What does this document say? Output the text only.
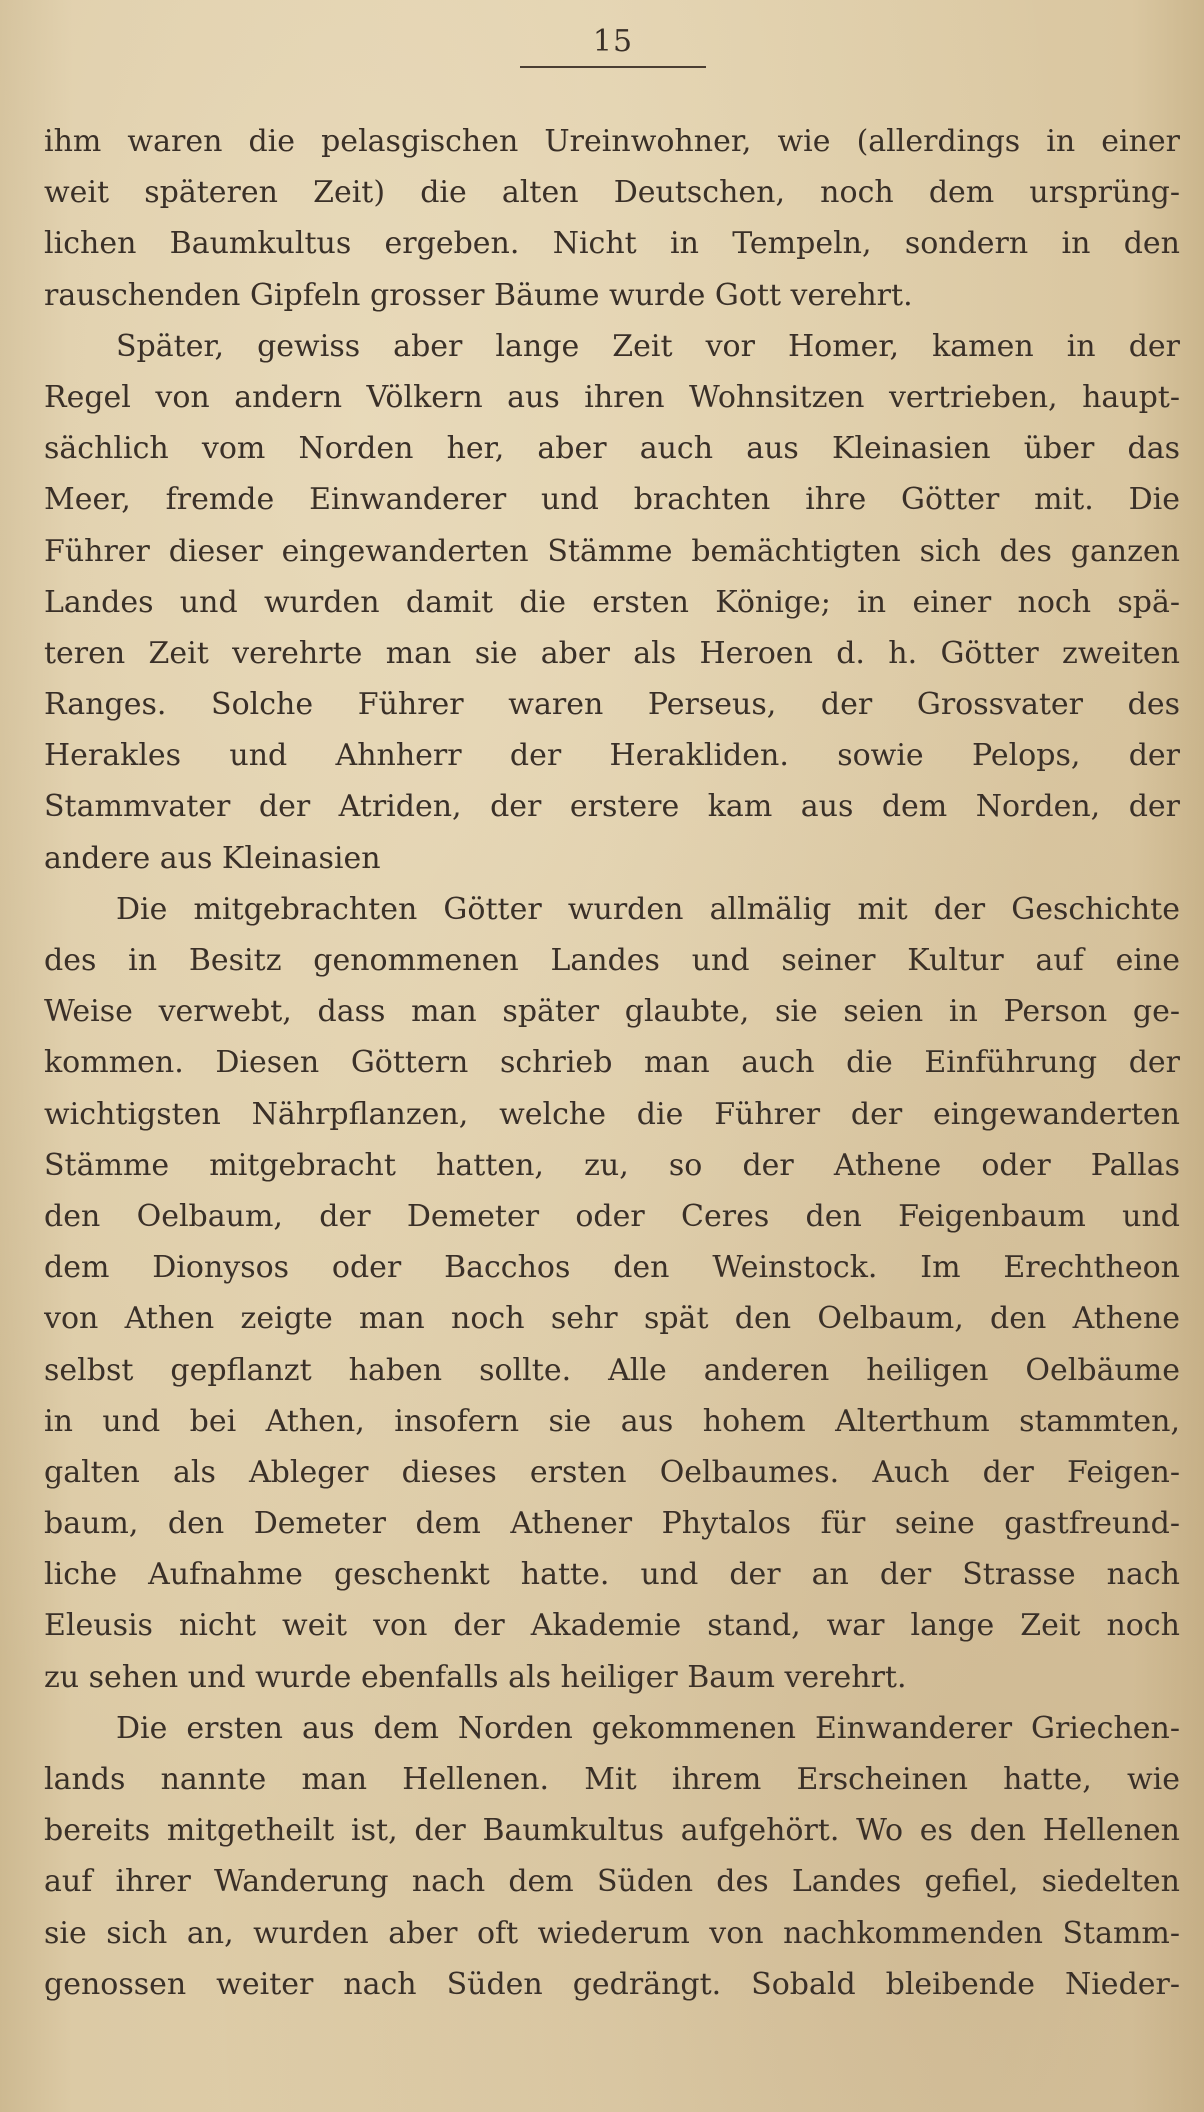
15
ihm waren die pelasgischen Ureinwohner, wie (allerdings in einer
weit späteren Zeit) die alten Deutschen, noch dem ursprüng-
lichen Baumkultus ergeben. Nicht in Tempeln, sondern in den
rauschenden Gipfeln grosser Bäume wurde Gott verehrt.
Später, gewiss aber lange Zeit vor Homer, kamen in der
Regel von andern Völkern aus ihren Wohnsitzen vertrieben, haupt-
sächlich vom Norden her, aber auch aus Kleinasien über das
Meer, fremde Einwanderer und brachten ihre Götter mit. Die
Führer dieser eingewanderten Stämme bemächtigten sich des ganzen
Landes und wurden damit die ersten Könige; in einer noch spä-
teren Zeit verehrte man sie aber als Heroen d. h. Götter zweiten
Ranges. Solche Führer waren Perseus, der Grossvater des
Herakles und Ahnherr der Herakliden. sowie Pelops, der
Stammvater der Atriden, der erstere kam aus dem Norden, der
andere aus Kleinasien
Die mitgebrachten Götter wurden allmälig mit der Geschichte
des in Besitz genommenen Landes und seiner Kultur auf eine
Weise verwebt, dass man später glaubte, sie seien in Person ge-
kommen. Diesen Göttern schrieb man auch die Einführung der
wichtigsten Nährpflanzen, welche die Führer der eingewanderten
Stämme mitgebracht hatten, zu, so der Athene oder Pallas
den Oelbaum, der Demeter oder Ceres den Feigenbaum und
dem Dionysos oder Bacchos den Weinstock. Im Erechtheon
von Athen zeigte man noch sehr spät den Oelbaum, den Athene
selbst gepflanzt haben sollte. Alle anderen heiligen Oelbäume
in und bei Athen, insofern sie aus hohem Alterthum stammten,
galten als Ableger dieses ersten Oelbaumes. Auch der Feigen-
baum, den Demeter dem Athener Phytalos für seine gastfreund-
liche Aufnahme geschenkt hatte. und der an der Strasse nach
Eleusis nicht weit von der Akademie stand, war lange Zeit noch
zu sehen und wurde ebenfalls als heiliger Baum verehrt.
Die ersten aus dem Norden gekommenen Einwanderer Griechen-
lands nannte man Hellenen. Mit ihrem Erscheinen hatte, wie
bereits mitgetheilt ist, der Baumkultus aufgehört. Wo es den Hellenen
auf ihrer Wanderung nach dem Süden des Landes gefiel, siedelten
sie sich an, wurden aber oft wiederum von nachkommenden Stamm-
genossen weiter nach Süden gedrängt. Sobald bleibende Nieder-
